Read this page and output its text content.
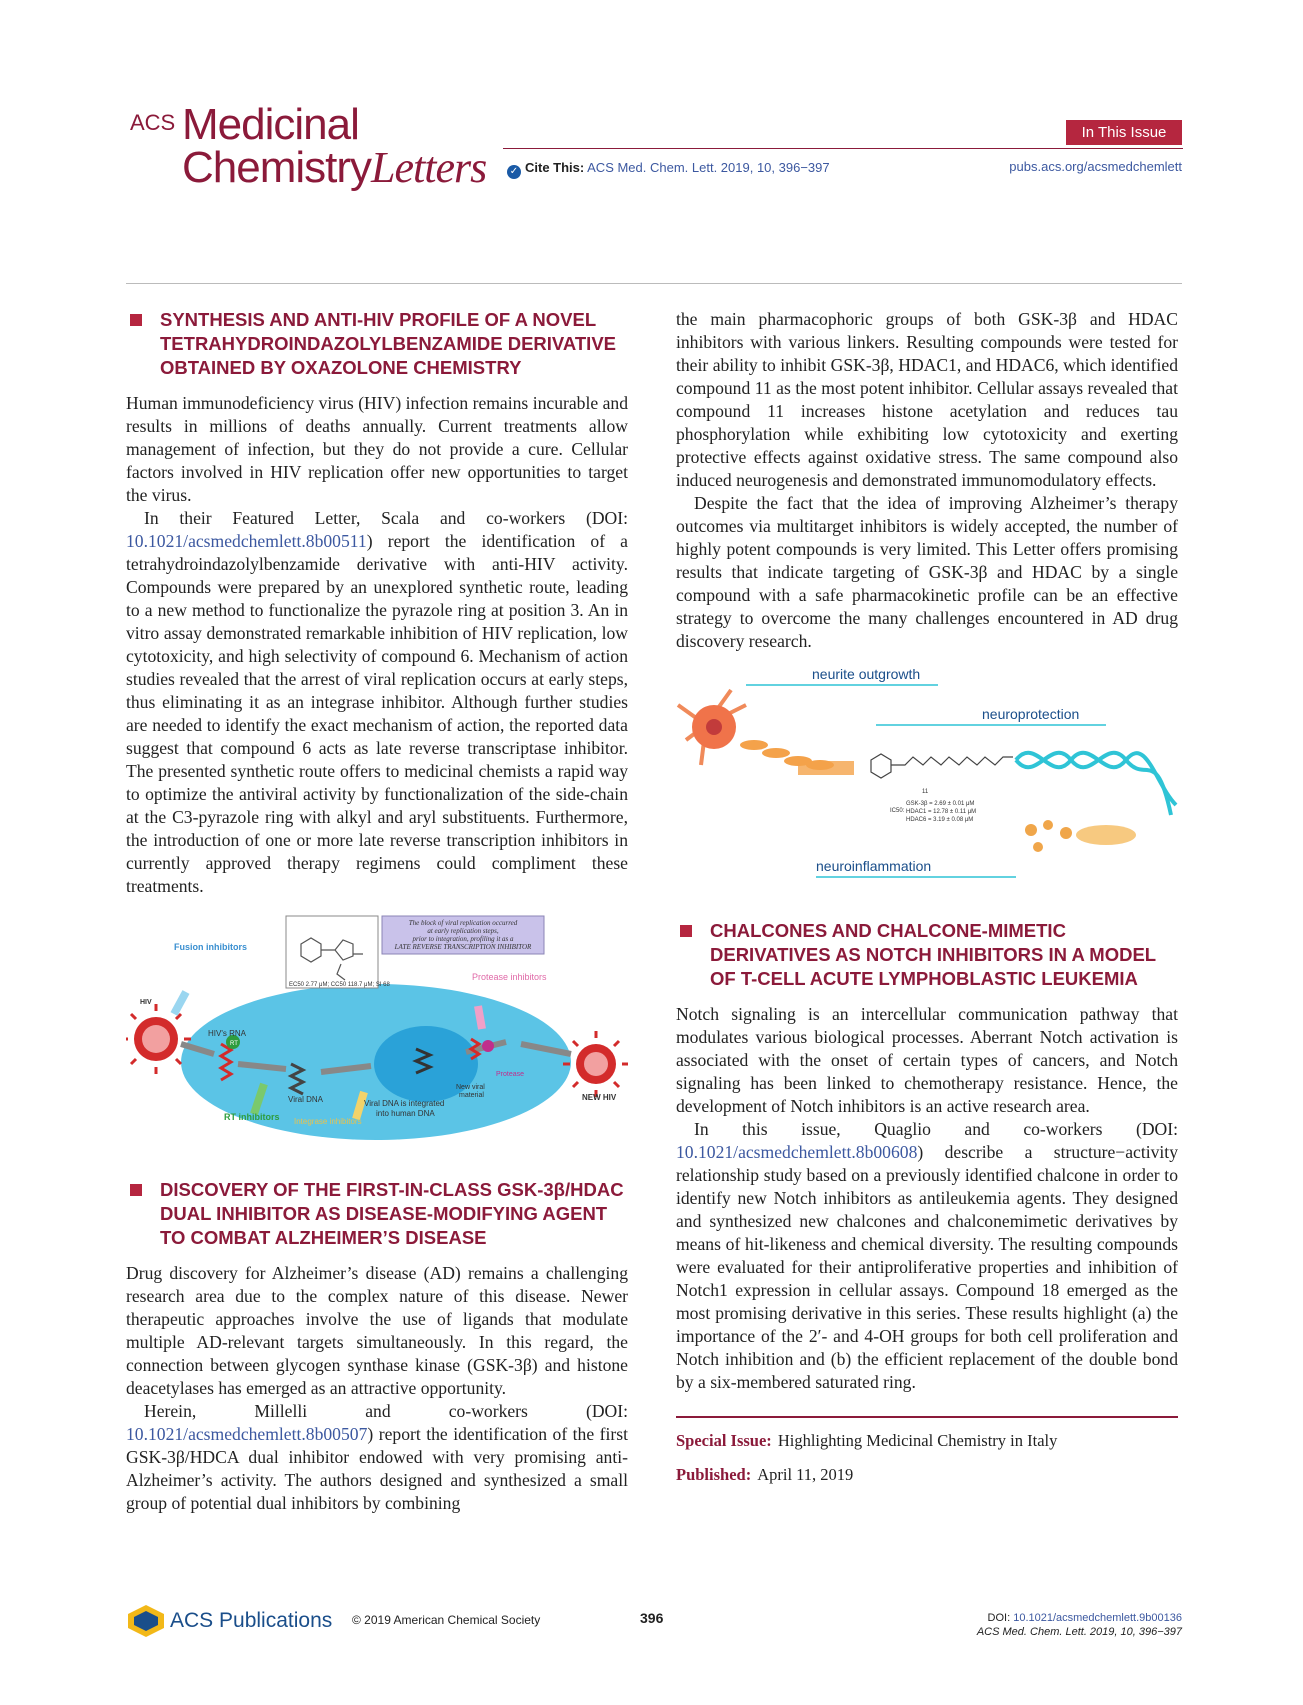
ACS Medicinal
ChemistryLetters
In This Issue
✓ Cite This: ACS Med. Chem. Lett. 2019, 10, 396−397	pubs.acs.org/acsmedchemlett
SYNTHESIS AND ANTI-HIV PROFILE OF A NOVEL TETRAHYDROINDAZOLYLBENZAMIDE DERIVATIVE OBTAINED BY OXAZOLONE CHEMISTRY

Human immunodeficiency virus (HIV) infection remains incurable and results in millions of deaths annually. Current treatments allow management of infection, but they do not provide a cure. Cellular factors involved in HIV replication offer new opportunities to target the virus.

In their Featured Letter, Scala and co-workers (DOI: 10.1021/acsmedchemlett.8b00511) report the identification of a tetrahydroindazolylbenzamide derivative with anti-HIV activity. Compounds were prepared by an unexplored synthetic route, leading to a new method to functionalize the pyrazole ring at position 3. An in vitro assay demonstrated remarkable inhibition of HIV replication, low cytotoxicity, and high selectivity of compound 6. Mechanism of action studies revealed that the arrest of viral replication occurs at early steps, thus eliminating it as an integrase inhibitor. Although further studies are needed to identify the exact mechanism of action, the reported data suggest that compound 6 acts as late reverse transcriptase inhibitor. The presented synthetic route offers to medicinal chemists a rapid way to optimize the antiviral activity by functionalization of the side-chain at the C3-pyrazole ring with alkyl and aryl substituents. Furthermore, the introduction of one or more late reverse transcription inhibitors in currently approved therapy regimens could compliment these treatments.

EC50 2.77 μM; CC50 118.7 μM; SI 68
The block of viral replication occurred
at early replication steps,
prior to integration, profiling it as a
LATE REVERSE TRANSCRIPTION INHIBITOR
Fusion inhibitors
HIV
HIV's RNA
RT
RT inhibitors
Viral DNA	Viral DNA is integrated
into human DNA
Integrase inhibitors
New viral
material
Protease
Protease inhibitors
NEW HIV
DISCOVERY OF THE FIRST-IN-CLASS GSK-3β/HDAC DUAL INHIBITOR AS DISEASE-MODIFYING AGENT TO COMBAT ALZHEIMER’S DISEASE

Drug discovery for Alzheimer’s disease (AD) remains a challenging research area due to the complex nature of this disease. Newer therapeutic approaches involve the use of ligands that modulate multiple AD-relevant targets simultaneously. In this regard, the connection between glycogen synthase kinase (GSK-3β) and histone deacetylases has emerged as an attractive opportunity.

Herein, Millelli and co-workers (DOI: 10.1021/acsmedchemlett.8b00507) report the identification of the first GSK-3β/HDCA dual inhibitor endowed with very promising anti-Alzheimer’s activity. The authors designed and synthesized a small group of potential dual inhibitors by combining

the main pharmacophoric groups of both GSK-3β and HDAC inhibitors with various linkers. Resulting compounds were tested for their ability to inhibit GSK-3β, HDAC1, and HDAC6, which identified compound 11 as the most potent inhibitor. Cellular assays revealed that compound 11 increases histone acetylation and reduces tau phosphorylation while exhibiting low cytotoxicity and exerting protective effects against oxidative stress. The same compound also induced neurogenesis and demonstrated immunomodulatory effects.

Despite the fact that the idea of improving Alzheimer’s therapy outcomes via multitarget inhibitors is widely accepted, the number of highly potent compounds is very limited. This Letter offers promising results that indicate targeting of GSK-3β and HDAC by a single compound with a safe pharmacokinetic profile can be an effective strategy to overcome the many challenges encountered in AD drug discovery research.

11
IC50:
GSK-3β = 2.69 ± 0.01 μM
HDAC1 = 12.78 ± 0.11 μM
HDAC6 = 3.19 ± 0.08 μM
neurite outgrowth
neuroprotection
neuroinflammation
CHALCONES AND CHALCONE-MIMETIC DERIVATIVES AS NOTCH INHIBITORS IN A MODEL OF T-CELL ACUTE LYMPHOBLASTIC LEUKEMIA

Notch signaling is an intercellular communication pathway that modulates various biological processes. Aberrant Notch activation is associated with the onset of certain types of cancers, and Notch signaling has been linked to chemotherapy resistance. Hence, the development of Notch inhibitors is an active research area.

In this issue, Quaglio and co-workers (DOI: 10.1021/acsmedchemlett.8b00608) describe a structure−activity relationship study based on a previously identified chalcone in order to identify new Notch inhibitors as antileukemia agents. They designed and synthesized new chalcones and chalconemimetic derivatives by means of hit-likeness and chemical diversity. The resulting compounds were evaluated for their antiproliferative properties and inhibition of Notch1 expression in cellular assays. Compound 18 emerged as the most promising derivative in this series. These results highlight (a) the importance of the 2′- and 4-OH groups for both cell proliferation and Notch inhibition and (b) the efficient replacement of the double bond by a six-membered saturated ring.

Special Issue: Highlighting Medicinal Chemistry in Italy
Published: April 11, 2019
ACS Publications © 2019 American Chemical Society	396	DOI: 10.1021/acsmedchemlett.9b00136
ACS Med. Chem. Lett. 2019, 10, 396−397
